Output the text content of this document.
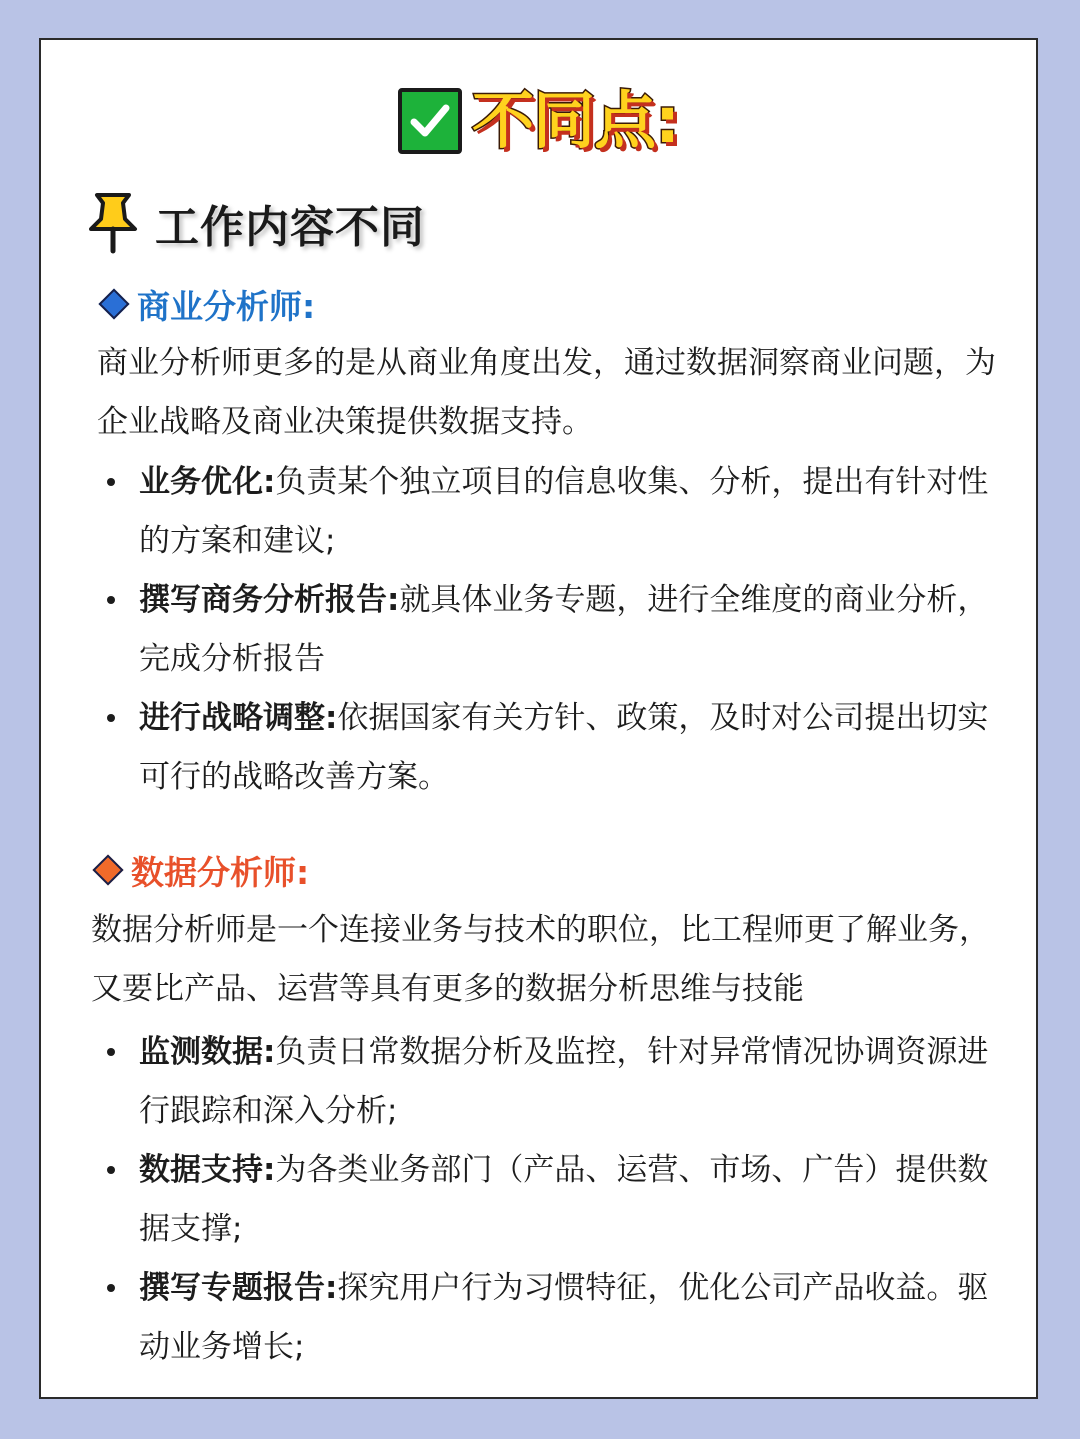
不同点:
工作内容不同
商业分析师:

商业分析师更多的是从商业角度出发，通过数据洞察商业问题，为企业战略及商业决策提供数据支持。

业务优化:负责某个独立项目的信息收集、分析，提出有针对性的方案和建议;
撰写商务分析报告:就具体业务专题，进行全维度的商业分析，完成分析报告
进行战略调整:依据国家有关方针、政策，及时对公司提出切实可行的战略改善方案。
数据分析师:

数据分析师是一个连接业务与技术的职位，比工程师更了解业务，又要比产品、运营等具有更多的数据分析思维与技能

监测数据:负责日常数据分析及监控，针对异常情况协调资源进行跟踪和深入分析;
数据支持:为各类业务部门（产品、运营、市场、广告）提供数据支撑;
撰写专题报告:探究用户行为习惯特征，优化公司产品收益。驱动业务增长;
